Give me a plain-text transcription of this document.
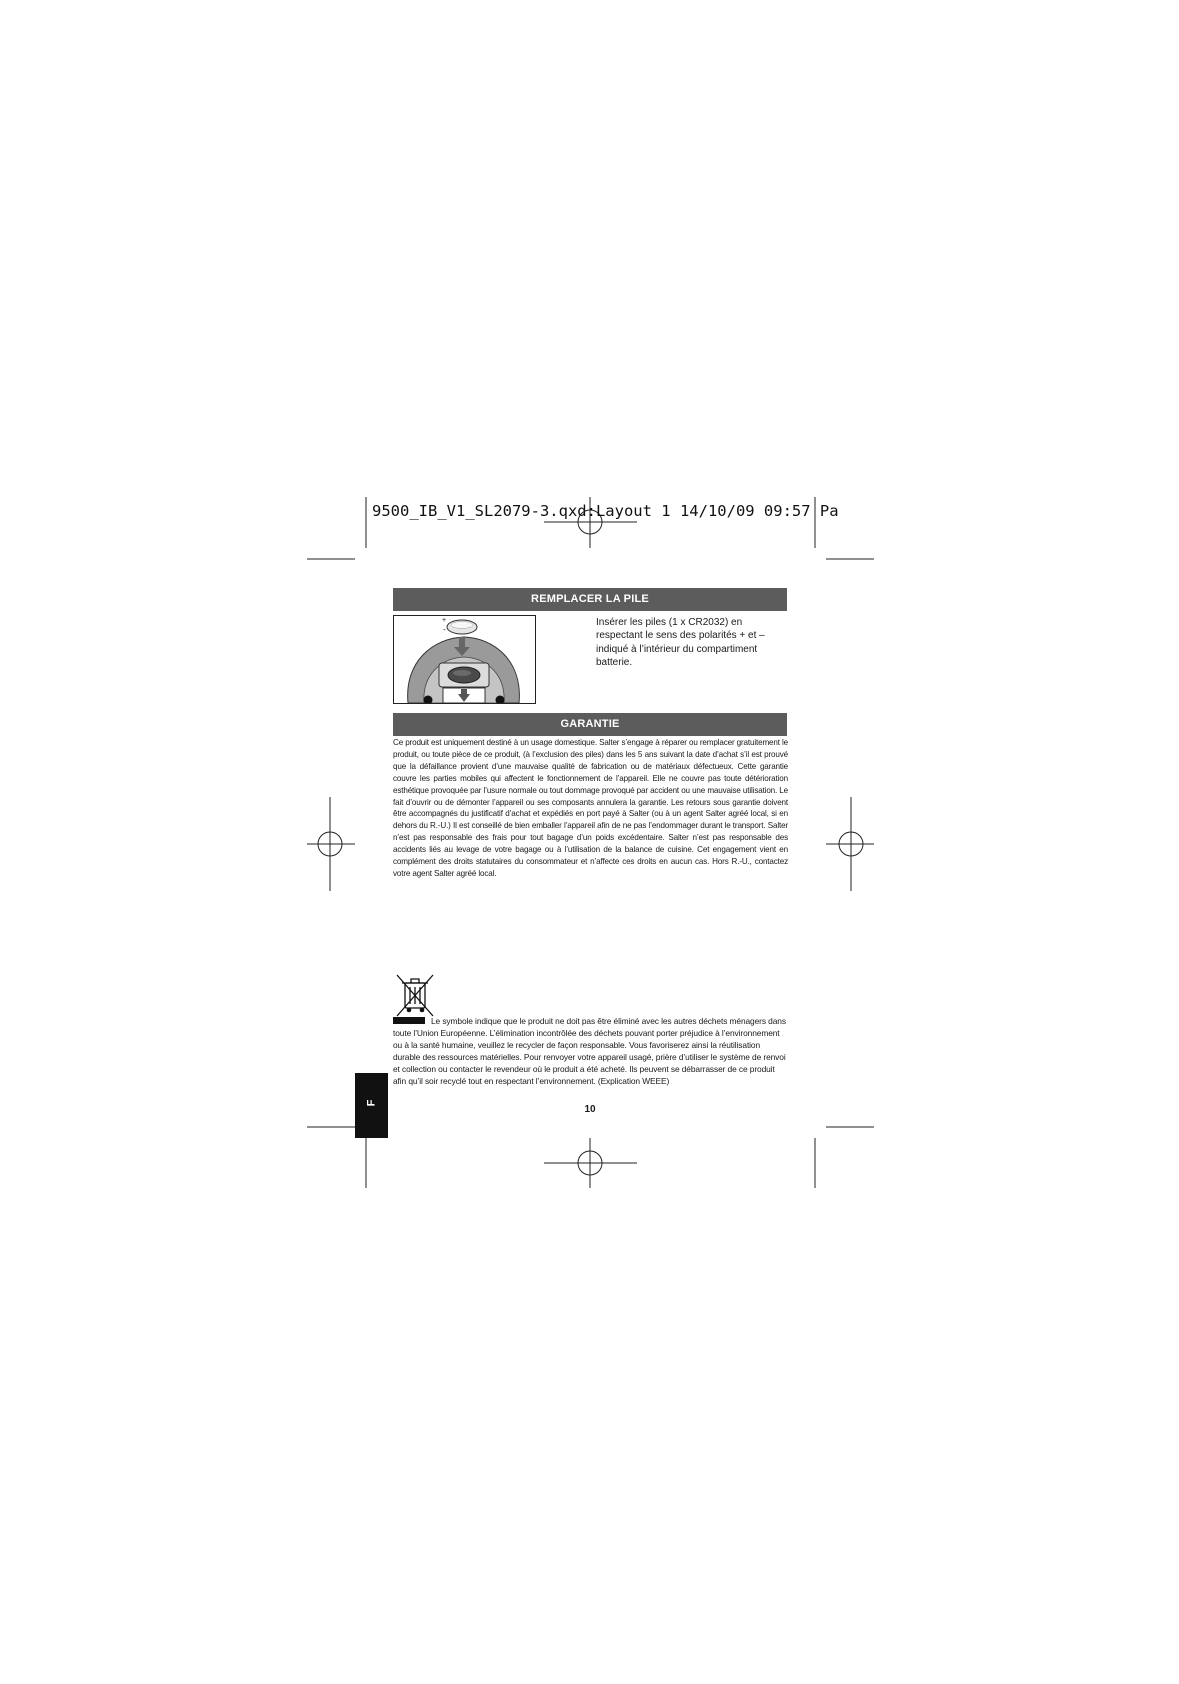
9500_IB_V1_SL2079-3.qxd:Layout 1 14/10/09 09:57 Pa
REMPLACER LA PILE
+
-
Insérer les piles (1 x CR2032) en respectant le sens des polarités + et – indiqué à l’intérieur du compartiment batterie.
GARANTIE
Ce produit est uniquement destiné à un usage domestique. Salter s’engage à réparer ou remplacer gratuitement le produit, ou toute pièce de ce produit, (à l’exclusion des piles) dans les 5 ans suivant la date d’achat s’il est prouvé que la défaillance provient d’une mauvaise qualité de fabrication ou de matériaux défectueux. Cette garantie couvre les parties mobiles qui affectent le fonctionnement de l’appareil. Elle ne couvre pas toute détérioration esthétique provoquée par l’usure normale ou tout dommage provoqué par accident ou une mauvaise utilisation. Le fait d’ouvrir ou de démonter l’appareil ou ses composants annulera la garantie. Les retours sous garantie doivent être accompagnés du justificatif d’achat et expédiés en port payé à Salter (ou à un agent Salter agréé local, si en dehors du R.-U.) Il est conseillé de bien emballer l’appareil afin de ne pas l’endommager durant le transport. Salter n’est pas responsable des frais pour tout bagage d’un poids excédentaire. Salter n’est pas responsable des accidents liés au levage de votre bagage ou à l’utilisation de la balance de cuisine. Cet engagement vient en complément des droits statutaires du consommateur et n’affecte ces droits en aucun cas. Hors R.-U., contactez votre agent Salter agréé local.
Le symbole indique que le produit ne doit pas être éliminé avec les autres déchets ménagers dans toute l’Union Européenne. L’élimination incontrôlée des déchets pouvant porter préjudice à l’environnement ou à la santé humaine, veuillez le recycler de façon responsable. Vous favoriserez ainsi la réutilisation durable des ressources matérielles. Pour renvoyer votre appareil usagé, prière d’utiliser le système de renvoi et collection ou contacter le revendeur où le produit a été acheté. Ils peuvent se débarrasser de ce produit afin qu’il soir recyclé tout en respectant l’environnement. (Explication WEEE)
10
F
